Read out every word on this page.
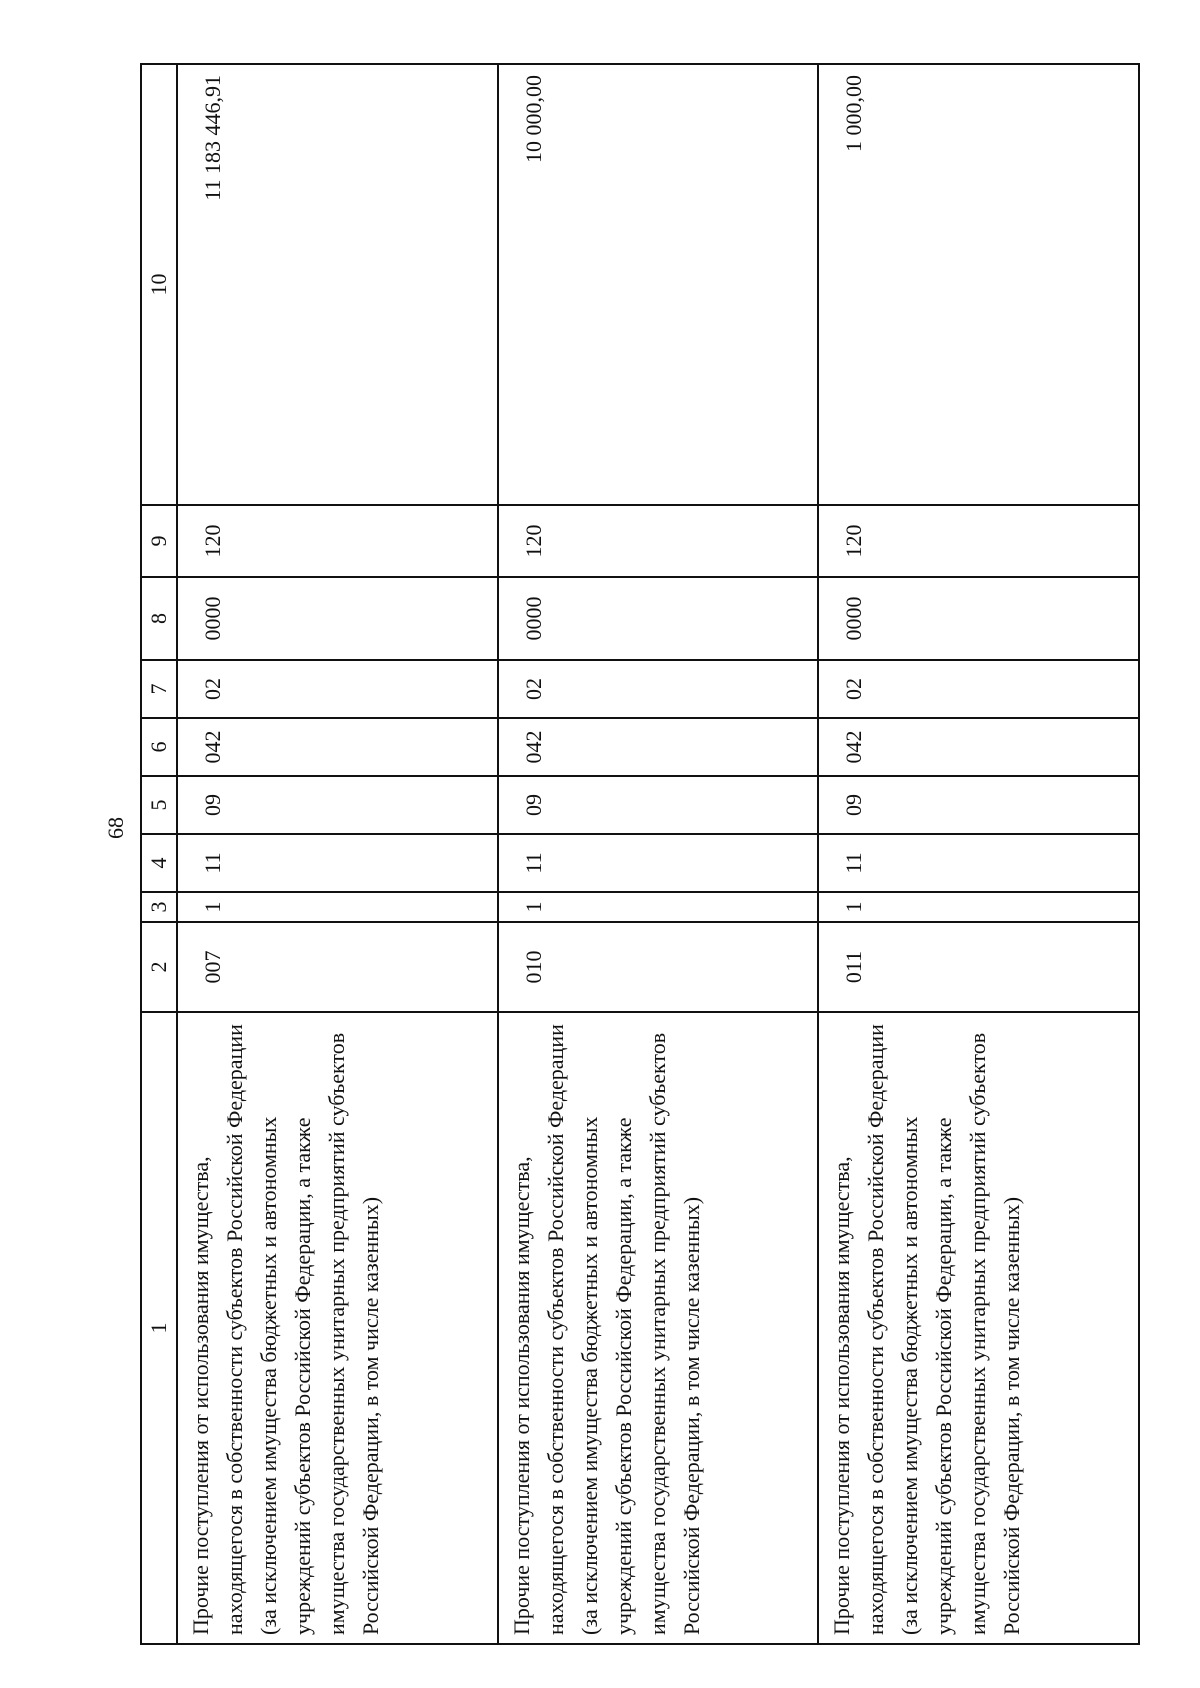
68
1	2	3	4	5	6	7	8	9	10
Прочие поступления от использования имущества, находящегося в собственности субъектов Российской Федерации (за исключением имущества бюджетных и автономных учреждений субъектов Российской Федерации, а также имущества государственных унитарных предприятий субъектов Российской Федерации, в том числе казенных)	007	1	11	09	042	02	0000	120	11 183 446,91
Прочие поступления от использования имущества, находящегося в собственности субъектов Российской Федерации (за исключением имущества бюджетных и автономных учреждений субъектов Российской Федерации, а также имущества государственных унитарных предприятий субъектов Российской Федерации, в том числе казенных)	010	1	11	09	042	02	0000	120	10 000,00
Прочие поступления от использования имущества, находящегося в собственности субъектов Российской Федерации (за исключением имущества бюджетных и автономных учреждений субъектов Российской Федерации, а также имущества государственных унитарных предприятий субъектов Российской Федерации, в том числе казенных)	011	1	11	09	042	02	0000	120	1 000,00
